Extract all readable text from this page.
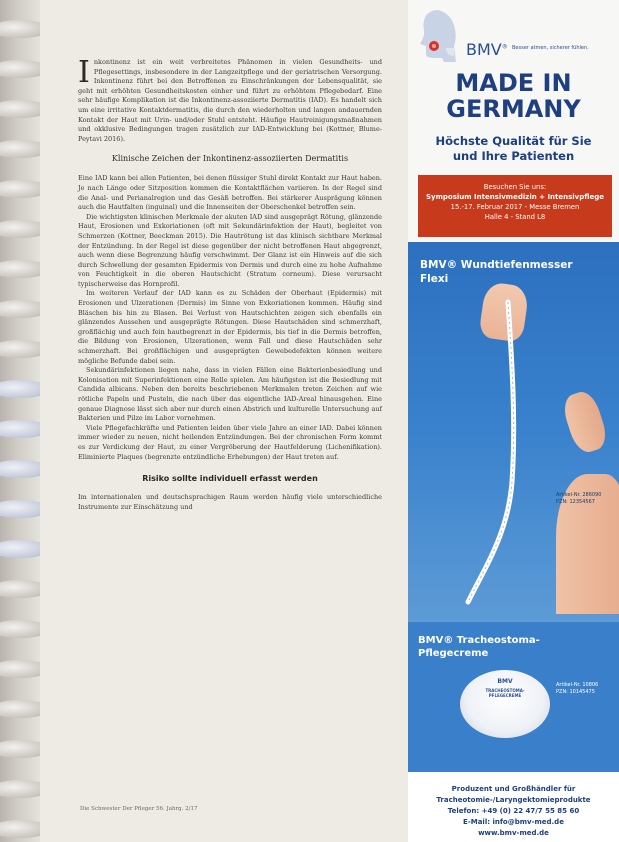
Inkontinenz ist ein weit verbreitetes Phänomen in vielen Gesundheits- und Pflegesettings, insbesondere in der Langzeitpflege und der geriatrischen Versorgung. Inkontinenz führt bei den Betroffenen zu Einschränkungen der Lebensqualität, sie geht mit erhöhten Gesundheitskosten einher und führt zu erhöhtem Pflegebedarf. Eine sehr häufige Komplikation ist die Inkontinenz-assoziierte Dermatitis (IAD). Es handelt sich um eine irritative Kontaktdermatitis, die durch den wiederholten und langen andauernden Kontakt der Haut mit Urin- und/oder Stuhl entsteht. Häufige Hautreinigungsmaßnahmen und okklusive Bedingungen tragen zusätzlich zur IAD-Entwicklung bei (Kottner, Blume-Peytavi 2016).

Klinische Zeichen der Inkontinenz-assoziierten Dermatitis

Eine IAD kann bei allen Patienten, bei denen flüssiger Stuhl direkt Kontakt zur Haut haben. Je nach Länge oder Sitzposition kommen die Kontaktflächen variieren. In der Regel sind die Anal- und Perianalregion und das Gesäß betroffen. Bei stärkerer Ausprägung können auch die Hautfalten (inguinal) und die Innenseiten der Oberschenkel betroffen sein.

Die wichtigsten klinischen Merkmale der akuten IAD sind ausgeprägt Rötung, glänzende Haut, Erosionen und Exkoriationen (oft mit Sekundärinfektion der Haut), begleitet von Schmerzen (Kottner, Beeckman 2015). Die Hautrötung ist das klinisch sichtbare Merkmal der Entzündung. In der Regel ist diese gegenüber der nicht betroffenen Haut abgegrenzt, auch wenn diese Begrenzung häufig verschwimmt. Der Glanz ist ein Hinweis auf die sich durch Schwellung der gesamten Epidermis von Dermis und durch eine zu hohe Aufnahme von Feuchtigkeit in die oberen Hautschicht (Stratum corneum). Diese verursacht typischerweise das Hornprofil.

Im weiteren Verlauf der IAD kann es zu Schäden der Oberhaut (Epidermis) mit Erosionen und Ulzerationen (Dermis) im Sinne von Exkoriationen kommen. Häufig sind Bläschen bis hin zu Blasen. Bei Verlust von Hautschichten zeigen sich ebenfalls ein glänzendes Aussehen und ausgeprägte Rötungen. Diese Hautschäden sind schmerzhaft, großflächig und auch fein hautbegrenzt in der Epidermis, bis tief in die Dermis betroffen, die Bildung von Erosionen, Ulzerationen, wenn Fall und diese Hautschäden sehr schmerzhaft. Bei großflächigen und ausgeprägten Gewebedefekten können weitere mögliche Befunde dabei sein.

Sekundärinfektionen liegen nahe, dass in vielen Fällen eine Bakterienbesiedlung und Kolonisation mit Superinfektionen eine Rolle spielen. Am häufigsten ist die Besiedlung mit Candida albicans. Neben den bereits beschriebenen Merkmalen treten Zeichen auf wie rötliche Papeln und Pusteln, die nach über das eigentliche IAD-Areal hinausgehen. Eine genaue Diagnose lässt sich aber nur durch einen Abstrich und kulturelle Untersuchung auf Bakterien und Pilze im Labor vornehmen.

Viele Pflegefachkräfte und Patienten leiden über viele Jahre an einer IAD. Dabei können immer wieder zu neuen, nicht heilenden Entzündungen. Bei der chronischen Form kommt es zur Verdickung der Haut, zu einer Vergröberung der Hautfelderung (Lichenifikation). Eliminierte Plaques (begrenzte entzündliche Erhebungen) der Haut treten auf.

Risiko sollte individuell erfasst werden

Im internationalen und deutschsprachigen Raum werden häufig viele unterschiedliche Instrumente zur Einschätzung und

Die Schwester Der Pfleger 56. Jahrg. 2/17
BMV® Besser atmen, sicherer fühlen.
MADE IN
GERMANY
Höchste Qualität für Sie
und Ihre Patienten
Besuchen Sie uns:
Symposium Intensivmedizin + Intensivpflege
15.-17. Februar 2017 - Messe Bremen
Halle 4 - Stand L8
BMV® Wundtiefenmesser
Flexi
Artikel-Nr. 286090
PZN: 12354567
BMV® Tracheostoma-
Pflegecreme
BMV
TRACHEOSTOMA-PFLEGECREME
Artikel-Nr. 10806
PZN: 10145475
Produzent und Großhändler für
Tracheotomie-/Laryngektomieprodukte
Telefon: +49 (0) 22 47/7 55 85 60
E-Mail: info@bmv-med.de
www.bmv-med.de
